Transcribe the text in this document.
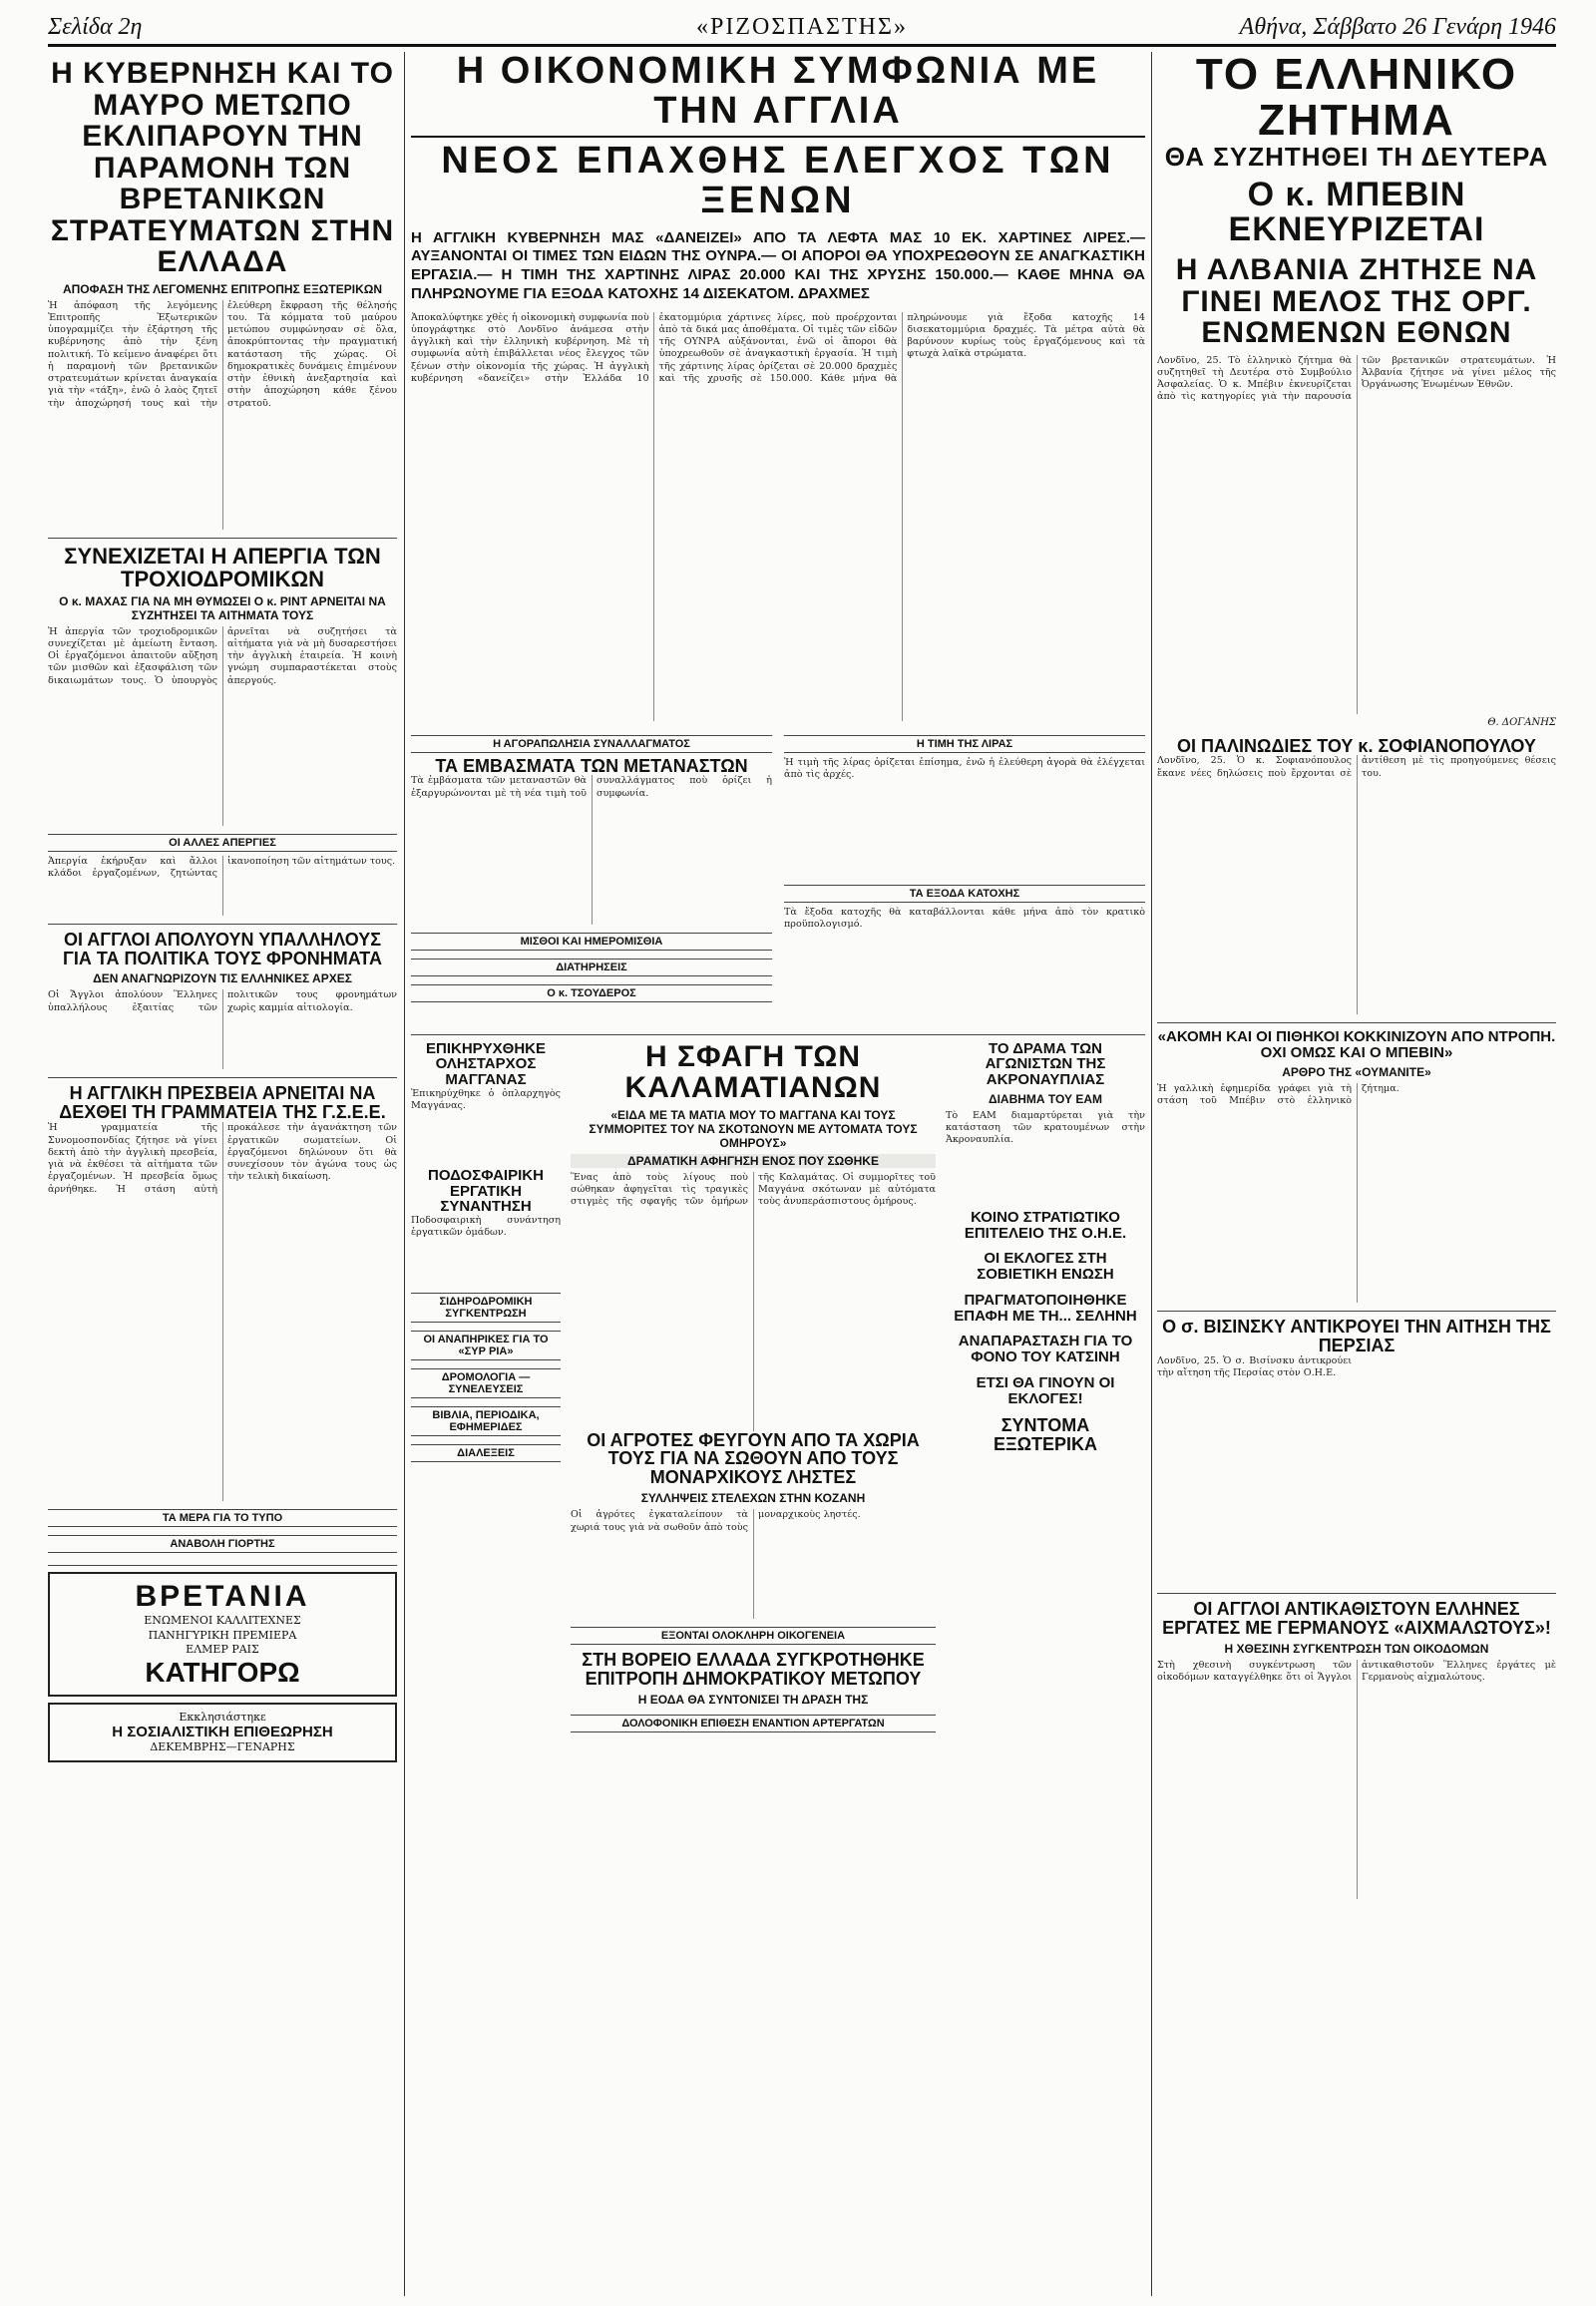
Σελίδα 2η	«ΡΙΖΟΣΠΑΣΤΗΣ»	Αθήνα, Σάββατο 26 Γενάρη 1946
Η ΚΥΒΕΡΝΗΣΗ ΚΑΙ ΤΟ ΜΑΥΡΟ ΜΕΤΩΠΟ ΕΚΛΙΠΑΡΟΥΝ ΤΗΝ ΠΑΡΑΜΟΝΗ ΤΩΝ ΒΡΕΤΑΝΙΚΩΝ ΣΤΡΑΤΕΥΜΑΤΩΝ ΣΤΗΝ ΕΛΛΑΔΑ
ΑΠΟΦΑΣΗ ΤΗΣ ΛΕΓΟΜΕΝΗΣ ΕΠΙΤΡΟΠΗΣ ΕΞΩΤΕΡΙΚΩΝ
Ἡ ἀπόφαση τῆς λεγόμενης Ἐπιτροπῆς Ἐξωτερικῶν ὑπογραμμίζει τὴν ἐξάρτηση τῆς κυβέρνησης ἀπὸ τὴν ξένη πολιτική. Τὸ κείμενο ἀναφέρει ὅτι ἡ παραμονὴ τῶν βρετανικῶν στρατευμάτων κρίνεται ἀναγκαία γιὰ τὴν «τάξη», ἐνῶ ὁ λαὸς ζητεῖ τὴν ἀποχώρησή τους καὶ τὴν ἐλεύθερη ἔκφραση τῆς θέλησής του. Τὰ κόμματα τοῦ μαύρου μετώπου συμφώνησαν σὲ ὅλα, ἀποκρύπτοντας τὴν πραγματική κατάσταση τῆς χώρας. Οἱ δημοκρατικὲς δυνάμεις ἐπιμένουν στὴν ἐθνικὴ ἀνεξαρτησία καὶ στὴν ἀποχώρηση κάθε ξένου στρατοῦ.
ΣΥΝΕΧΙΖΕΤΑΙ Η ΑΠΕΡΓΙΑ ΤΩΝ ΤΡΟΧΙΟΔΡΟΜΙΚΩΝ
Ο κ. ΜΑΧΑΣ ΓΙΑ ΝΑ ΜΗ ΘΥΜΩΣΕΙ Ο κ. ΡΙΝΤ ΑΡΝΕΙΤΑΙ ΝΑ ΣΥΖΗΤΗΣΕΙ ΤΑ ΑΙΤΗΜΑΤΑ ΤΟΥΣ
Ἡ ἀπεργία τῶν τροχιοδρομικῶν συνεχίζεται μὲ ἀμείωτη ἔνταση. Οἱ ἐργαζόμενοι ἀπαιτοῦν αὔξηση τῶν μισθῶν καὶ ἐξασφάλιση τῶν δικαιωμάτων τους. Ὁ ὑπουργὸς ἀρνεῖται νὰ συζητήσει τὰ αἰτήματα γιὰ νὰ μὴ δυσαρεστήσει τὴν ἀγγλικὴ ἑταιρεία. Ἡ κοινὴ γνώμη συμπαραστέκεται στοὺς ἀπεργούς.
ΟΙ ΑΛΛΕΣ ΑΠΕΡΓΙΕΣ
Ἀπεργία ἐκήρυξαν καὶ ἄλλοι κλάδοι ἐργαζομένων, ζητώντας ἱκανοποίηση τῶν αἰτημάτων τους.
ΟΙ ΑΓΓΛΟΙ ΑΠΟΛΥΟΥΝ ΥΠΑΛΛΗΛΟΥΣ ΓΙΑ ΤΑ ΠΟΛΙΤΙΚΑ ΤΟΥΣ ΦΡΟΝΗΜΑΤΑ
ΔΕΝ ΑΝΑΓΝΩΡΙΖΟΥΝ ΤΙΣ ΕΛΛΗΝΙΚΕΣ ΑΡΧΕΣ
Οἱ Ἄγγλοι ἀπολύουν Ἕλληνες ὑπαλλήλους ἐξαιτίας τῶν πολιτικῶν τους φρονημάτων χωρὶς καμμία αἰτιολογία.
Η ΑΓΓΛΙΚΗ ΠΡΕΣΒΕΙΑ ΑΡΝΕΙΤΑΙ ΝΑ ΔΕΧΘΕΙ ΤΗ ΓΡΑΜΜΑΤΕΙΑ ΤΗΣ Γ.Σ.Ε.Ε.
Ἡ γραμματεία τῆς Συνομοσπονδίας ζήτησε νὰ γίνει δεκτὴ ἀπὸ τὴν ἀγγλικὴ πρεσβεία, γιὰ νὰ ἐκθέσει τὰ αἰτήματα τῶν ἐργαζομένων. Ἡ πρεσβεία ὅμως ἀρνήθηκε. Ἡ στάση αὐτὴ προκάλεσε τὴν ἀγανάκτηση τῶν ἐργατικῶν σωματείων. Οἱ ἐργαζόμενοι δηλώνουν ὅτι θὰ συνεχίσουν τὸν ἀγώνα τους ὡς τὴν τελικὴ δικαίωση.
ΤΑ ΜΕΡΑ ΓΙΑ ΤΟ ΤΥΠΟ
ΑΝΑΒΟΛΗ ΓΙΟΡΤΗΣ
ΒΡΕΤΑΝΙΑ
ΕΝΩΜΕΝΟΙ ΚΑΛΛΙΤΕΧΝΕΣ
ΠΑΝΗΓΥΡΙΚΗ ΠΡΕΜΙΕΡΑ
ΕΛΜΕΡ ΡΑΙΣ
ΚΑΤΗΓΟΡΩ
Εκκλησιάστηκε
Η ΣΟΣΙΑΛΙΣΤΙΚΗ ΕΠΙΘΕΩΡΗΣΗ
ΔΕΚΕΜΒΡΗΣ—ΓΕΝΑΡΗΣ
Η ΟΙΚΟΝΟΜΙΚΗ ΣΥΜΦΩΝΙΑ ΜΕ ΤΗΝ ΑΓΓΛΙΑ
ΝΕΟΣ ΕΠΑΧΘΗΣ ΕΛΕΓΧΟΣ ΤΩΝ ΞΕΝΩΝ

Η ΑΓΓΛΙΚΗ ΚΥΒΕΡΝΗΣΗ ΜΑΣ «ΔΑΝΕΙΖΕΙ» ΑΠΟ ΤΑ ΛΕΦΤΑ ΜΑΣ 10 ΕΚ. ΧΑΡΤΙΝΕΣ ΛΙΡΕΣ.— ΑΥΞΑΝΟΝΤΑΙ ΟΙ ΤΙΜΕΣ ΤΩΝ ΕΙΔΩΝ ΤΗΣ ΟΥΝΡΑ.— ΟΙ ΑΠΟΡΟΙ ΘΑ ΥΠΟΧΡΕΩΘΟΥΝ ΣΕ ΑΝΑΓΚΑΣΤΙΚΗ ΕΡΓΑΣΙΑ.— Η ΤΙΜΗ ΤΗΣ ΧΑΡΤΙΝΗΣ ΛΙΡΑΣ 20.000 ΚΑΙ ΤΗΣ ΧΡΥΣΗΣ 150.000.— ΚΑΘΕ ΜΗΝΑ ΘΑ ΠΛΗΡΩΝΟΥΜΕ ΓΙΑ ΕΞΟΔΑ ΚΑΤΟΧΗΣ 14 ΔΙΣΕΚΑΤΟΜ. ΔΡΑΧΜΕΣ

Ἀποκαλύφτηκε χθὲς ἡ οἰκονομικὴ συμφωνία ποὺ ὑπογράφτηκε στὸ Λονδῖνο ἀνάμεσα στὴν ἀγγλικὴ καὶ τὴν ἑλληνικὴ κυβέρνηση. Μὲ τὴ συμφωνία αὐτὴ ἐπιβάλλεται νέος ἔλεγχος τῶν ξένων στὴν οἰκονομία τῆς χώρας. Ἡ ἀγγλικὴ κυβέρνηση «δανείζει» στὴν Ἑλλάδα 10 ἑκατομμύρια χάρτινες λίρες, ποὺ προέρχονται ἀπὸ τὰ δικά μας ἀποθέματα. Οἱ τιμὲς τῶν εἰδῶν τῆς ΟΥΝΡΑ αὐξάνονται, ἐνῶ οἱ ἄποροι θὰ ὑποχρεωθοῦν σὲ ἀναγκαστικὴ ἐργασία. Ἡ τιμὴ τῆς χάρτινης λίρας ὁρίζεται σὲ 20.000 δραχμὲς καὶ τῆς χρυσῆς σὲ 150.000. Κάθε μήνα θὰ πληρώνουμε γιὰ ἔξοδα κατοχῆς 14 δισεκατομμύρια δραχμές. Τὰ μέτρα αὐτὰ θὰ βαρύνουν κυρίως τοὺς ἐργαζόμενους καὶ τὰ φτωχὰ λαϊκὰ στρώματα.
Η ΑΓΟΡΑΠΩΛΗΣΙΑ ΣΥΝΑΛΛΑΓΜΑΤΟΣ
ΤΑ ΕΜΒΑΣΜΑΤΑ ΤΩΝ ΜΕΤΑΝΑΣΤΩΝ
Τὰ ἐμβάσματα τῶν μεταναστῶν θὰ ἐξαργυρώνονται μὲ τὴ νέα τιμὴ τοῦ συναλλάγματος ποὺ ὁρίζει ἡ συμφωνία.
ΜΙΣΘΟΙ ΚΑΙ ΗΜΕΡΟΜΙΣΘΙΑ
ΔΙΑΤΗΡΗΣΕΙΣ
Ο κ. ΤΣΟΥΔΕΡΟΣ
Η ΤΙΜΗ ΤΗΣ ΛΙΡΑΣ
Ἡ τιμὴ τῆς λίρας ὁρίζεται ἐπίσημα, ἐνῶ ἡ ἐλεύθερη ἀγορὰ θὰ ἐλέγχεται ἀπὸ τὶς ἀρχές.
ΤΑ ΕΞΟΔΑ ΚΑΤΟΧΗΣ
Τὰ ἔξοδα κατοχῆς θὰ καταβάλλονται κάθε μήνα ἀπὸ τὸν κρατικὸ προϋπολογισμό.
ΕΠΙΚΗΡΥΧΘΗΚΕ ΟΛΗΣΤΑΡΧΟΣ ΜΑΓΓΑΝΑΣ
Ἐπικηρύχθηκε ὁ ὁπλαρχηγὸς Μαγγάνας.
ΠΟΔΟΣΦΑΙΡΙΚΗ ΕΡΓΑΤΙΚΗ ΣΥΝΑΝΤΗΣΗ
Ποδοσφαιρικὴ συνάντηση ἐργατικῶν ὁμάδων.
ΣΙΔΗΡΟΔΡΟΜΙΚΗ ΣΥΓΚΕΝΤΡΩΣΗ
ΟΙ ΑΝΑΠΗΡΙΚΕΣ ΓΙΑ ΤΟ «ΣΥΡ ΡΙΑ»
ΔΡΟΜΟΛΟΓΙΑ — ΣΥΝΕΛΕΥΣΕΙΣ
ΒΙΒΛΙΑ, ΠΕΡΙΟΔΙΚΑ, ΕΦΗΜΕΡΙΔΕΣ
ΔΙΑΛΕΞΕΙΣ
Η ΣΦΑΓΗ ΤΩΝ ΚΑΛΑΜΑΤΙΑΝΩΝ
«ΕΙΔΑ ΜΕ ΤΑ ΜΑΤΙΑ ΜΟΥ ΤΟ ΜΑΓΓΑΝΑ ΚΑΙ ΤΟΥΣ ΣΥΜΜΟΡΙΤΕΣ ΤΟΥ ΝΑ ΣΚΟΤΩΝΟΥΝ ΜΕ ΑΥΤΟΜΑΤΑ ΤΟΥΣ ΟΜΗΡΟΥΣ»
ΔΡΑΜΑΤΙΚΗ ΑΦΗΓΗΣΗ ΕΝΟΣ ΠΟΥ ΣΩΘΗΚΕ
Ἕνας ἀπὸ τοὺς λίγους ποὺ σώθηκαν ἀφηγεῖται τὶς τραγικὲς στιγμὲς τῆς σφαγῆς τῶν ὁμήρων τῆς Καλαμάτας. Οἱ συμμορῖτες τοῦ Μαγγάνα σκότωναν μὲ αὐτόματα τοὺς ἀνυπεράσπιστους ὁμήρους.
ΟΙ ΑΓΡΟΤΕΣ ΦΕΥΓΟΥΝ ΑΠΟ ΤΑ ΧΩΡΙΑ ΤΟΥΣ ΓΙΑ ΝΑ ΣΩΘΟΥΝ ΑΠΟ ΤΟΥΣ ΜΟΝΑΡΧΙΚΟΥΣ ΛΗΣΤΕΣ
ΣΥΛΛΗΨΕΙΣ ΣΤΕΛΕΧΩΝ ΣΤΗΝ ΚΟΖΑΝΗ
Οἱ ἀγρότες ἐγκαταλείπουν τὰ χωριά τους γιὰ νὰ σωθοῦν ἀπὸ τοὺς μοναρχικοὺς ληστές.
ΕΞΟΝΤΑΙ ΟΛΟΚΛΗΡΗ ΟΙΚΟΓΕΝΕΙΑ
ΣΤΗ ΒΟΡΕΙΟ ΕΛΛΑΔΑ ΣΥΓΚΡΟΤΗΘΗΚΕ ΕΠΙΤΡΟΠΗ ΔΗΜΟΚΡΑΤΙΚΟΥ ΜΕΤΩΠΟΥ
Η ΕΟΔΑ ΘΑ ΣΥΝΤΟΝΙΣΕΙ ΤΗ ΔΡΑΣΗ ΤΗΣ
ΔΟΛΟΦΟΝΙΚΗ ΕΠΙΘΕΣΗ ΕΝΑΝΤΙΟΝ ΑΡΤΕΡΓΑΤΩΝ
ΤΟ ΔΡΑΜΑ ΤΩΝ ΑΓΩΝΙΣΤΩΝ ΤΗΣ ΑΚΡΟΝΑΥΠΛΙΑΣ
ΔΙΑΒΗΜΑ ΤΟΥ ΕΑΜ
Τὸ ΕΑΜ διαμαρτύρεται γιὰ τὴν κατάσταση τῶν κρατουμένων στὴν Ἀκροναυπλία.
ΚΟΙΝΟ ΣΤΡΑΤΙΩΤΙΚΟ ΕΠΙΤΕΛΕΙΟ ΤΗΣ Ο.Η.Ε.
ΟΙ ΕΚΛΟΓΕΣ ΣΤΗ ΣΟΒΙΕΤΙΚΗ ΕΝΩΣΗ
ΠΡΑΓΜΑΤΟΠΟΙΗΘΗΚΕ ΕΠΑΦΗ ΜΕ ΤΗ... ΣΕΛΗΝΗ
ΑΝΑΠΑΡΑΣΤΑΣΗ ΓΙΑ ΤΟ ΦΟΝΟ ΤΟΥ ΚΑΤΣΙΝΗ
ΕΤΣΙ ΘΑ ΓΙΝΟΥΝ ΟΙ ΕΚΛΟΓΕΣ!
ΣΥΝΤΟΜΑ
ΕΞΩΤΕΡΙΚΑ
ΤΟ ΕΛΛΗΝΙΚΟ ΖΗΤΗΜΑ
ΘΑ ΣΥΖΗΤΗΘΕΙ ΤΗ ΔΕΥΤΕΡΑ
Ο κ. ΜΠΕΒΙΝ ΕΚΝΕΥΡΙΖΕΤΑΙ
Η ΑΛΒΑΝΙΑ ΖΗΤΗΣΕ ΝΑ ΓΙΝΕΙ ΜΕΛΟΣ ΤΗΣ ΟΡΓ. ΕΝΩΜΕΝΩΝ ΕΘΝΩΝ
Λονδῖνο, 25. Τὸ ἑλληνικὸ ζήτημα θὰ συζητηθεῖ τὴ Δευτέρα στὸ Συμβούλιο Ἀσφαλείας. Ὁ κ. Μπέβιν ἐκνευρίζεται ἀπὸ τὶς κατηγορίες γιὰ τὴν παρουσία τῶν βρετανικῶν στρατευμάτων. Ἡ Ἀλβανία ζήτησε νὰ γίνει μέλος τῆς Ὀργάνωσης Ἑνωμένων Ἐθνῶν.
Θ. ΔΟΓΑΝΗΣ
ΟΙ ΠΑΛΙΝΩΔΙΕΣ ΤΟΥ κ. ΣΟΦΙΑΝΟΠΟΥΛΟΥ
Λονδῖνο, 25. Ὁ κ. Σοφιανόπουλος ἔκανε νέες δηλώσεις ποὺ ἔρχονται σὲ ἀντίθεση μὲ τὶς προηγούμενες θέσεις του.
«ΑΚΟΜΗ ΚΑΙ ΟΙ ΠΙΘΗΚΟΙ ΚΟΚΚΙΝΙΖΟΥΝ ΑΠΟ ΝΤΡΟΠΗ. ΟΧΙ ΟΜΩΣ ΚΑΙ Ο ΜΠΕΒΙΝ»
ΑΡΘΡΟ ΤΗΣ «ΟΥΜΑΝΙΤΕ»
Ἡ γαλλικὴ ἐφημερίδα γράφει γιὰ τὴ στάση τοῦ Μπέβιν στὸ ἑλληνικὸ ζήτημα.
Ο σ. ΒΙΣΙΝΣΚΥ ΑΝΤΙΚΡΟΥΕΙ ΤΗΝ ΑΙΤΗΣΗ ΤΗΣ ΠΕΡΣΙΑΣ
Λονδῖνο, 25. Ὁ σ. Βισίνσκυ ἀντικρούει τὴν αἴτηση τῆς Περσίας στὸν Ο.Η.Ε.
ΟΙ ΑΓΓΛΟΙ ΑΝΤΙΚΑΘΙΣΤΟΥΝ ΕΛΛΗΝΕΣ ΕΡΓΑΤΕΣ ΜΕ ΓΕΡΜΑΝΟΥΣ «ΑΙΧΜΑΛΩΤΟΥΣ»!
Η ΧΘΕΣΙΝΗ ΣΥΓΚΕΝΤΡΩΣΗ ΤΩΝ ΟΙΚΟΔΟΜΩΝ
Στὴ χθεσινὴ συγκέντρωση τῶν οἰκοδόμων καταγγέλθηκε ὅτι οἱ Ἄγγλοι ἀντικαθιστοῦν Ἕλληνες ἐργάτες μὲ Γερμανοὺς αἰχμαλώτους.
